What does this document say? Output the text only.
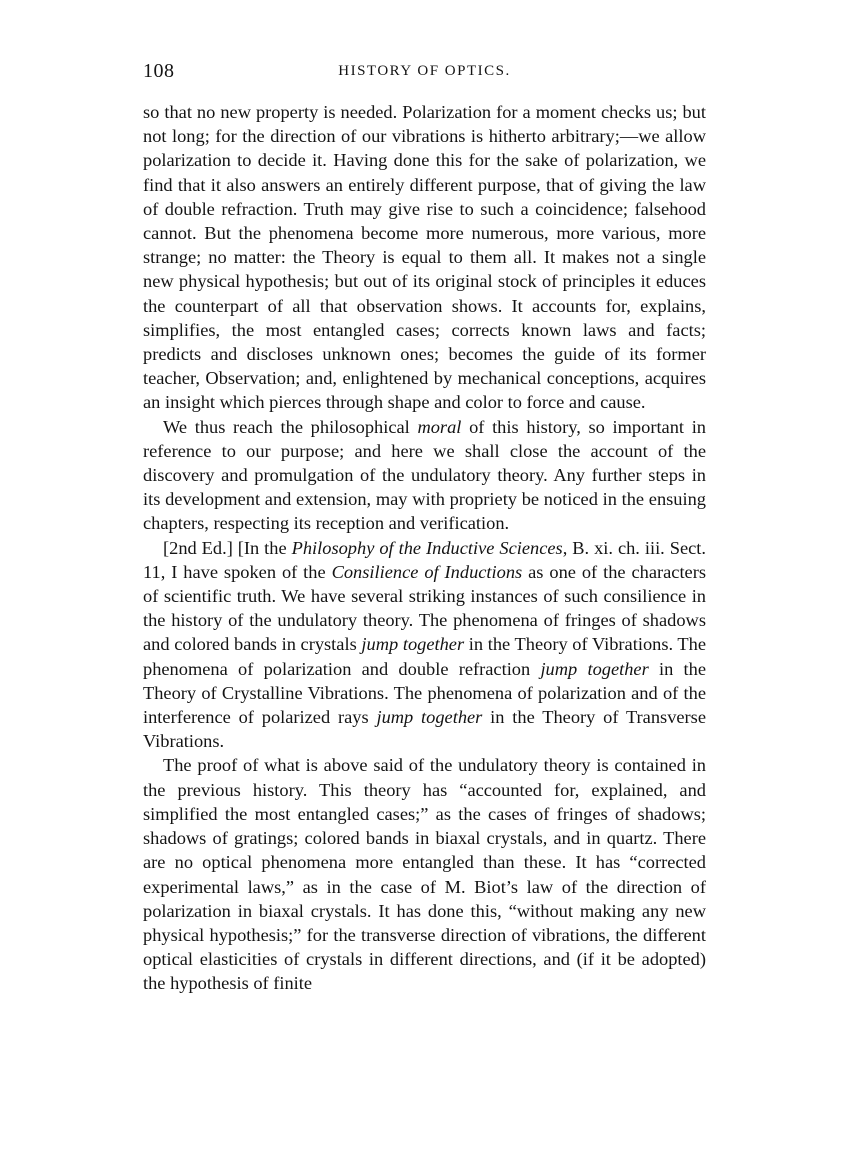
108	HISTORY OF OPTICS.

so that no new property is needed. Polarization for a moment checks us; but not long; for the direction of our vibrations is hitherto arbitrary;—we allow polarization to decide it. Having done this for the sake of polarization, we find that it also answers an entirely different purpose, that of giving the law of double refraction. Truth may give rise to such a coincidence; falsehood cannot. But the phenomena become more numerous, more various, more strange; no matter: the Theory is equal to them all. It makes not a single new physical hypothesis; but out of its original stock of principles it educes the counterpart of all that observation shows. It accounts for, explains, simplifies, the most entangled cases; corrects known laws and facts; predicts and discloses unknown ones; becomes the guide of its former teacher, Observation; and, enlightened by mechanical conceptions, acquires an insight which pierces through shape and color to force and cause.

We thus reach the philosophical moral of this history, so important in reference to our purpose; and here we shall close the account of the discovery and promulgation of the undulatory theory. Any further steps in its development and extension, may with propriety be noticed in the ensuing chapters, respecting its reception and verification.

[2nd Ed.] [In the Philosophy of the Inductive Sciences, B. xi. ch. iii. Sect. 11, I have spoken of the Consilience of Inductions as one of the characters of scientific truth. We have several striking instances of such consilience in the history of the undulatory theory. The phenomena of fringes of shadows and colored bands in crystals jump together in the Theory of Vibrations. The phenomena of polarization and double refraction jump together in the Theory of Crystalline Vibrations. The phenomena of polarization and of the interference of polarized rays jump together in the Theory of Transverse Vibrations.

The proof of what is above said of the undulatory theory is contained in the previous history. This theory has “accounted for, explained, and simplified the most entangled cases;” as the cases of fringes of shadows; shadows of gratings; colored bands in biaxal crystals, and in quartz. There are no optical phenomena more entangled than these. It has “corrected experimental laws,” as in the case of M. Biot’s law of the direction of polarization in biaxal crystals. It has done this, “without making any new physical hypothesis;” for the transverse direction of vibrations, the different optical elasticities of crystals in different directions, and (if it be adopted) the hypothesis of finite
